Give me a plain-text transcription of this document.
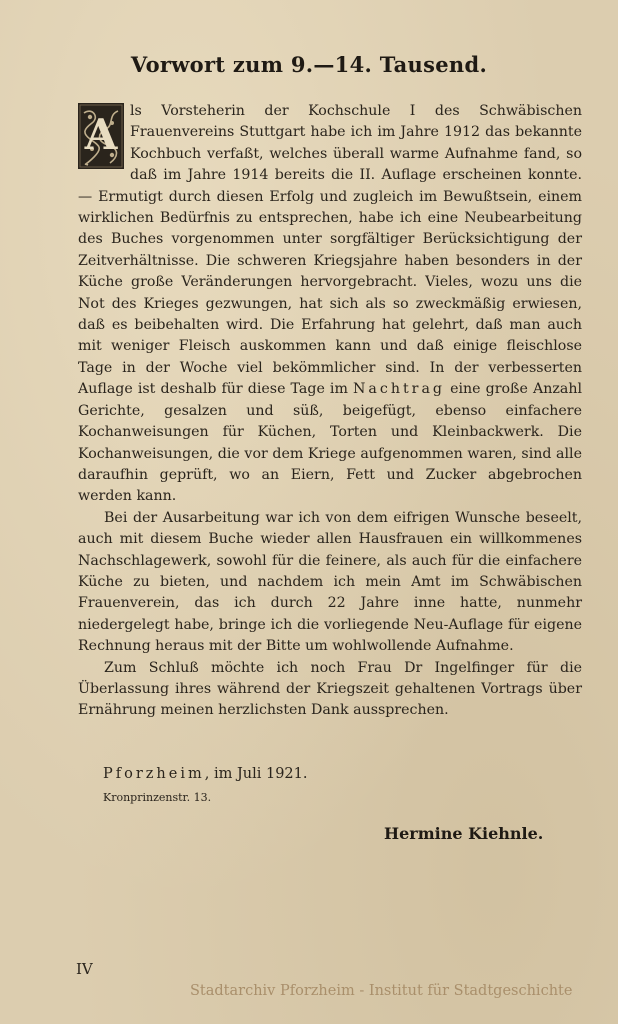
Vorwort zum 9.—14. Tausend.

A ls Vorsteherin der Kochschule I des Schwäbischen Frauenvereins Stuttgart habe ich im Jahre 1912 das bekannte Kochbuch verfaßt, welches überall warme Aufnahme fand, so daß im Jahre 1914 bereits die II. Auflage erscheinen konnte. — Ermutigt durch diesen Erfolg und zugleich im Bewußtsein, einem wirklichen Bedürfnis zu entsprechen, habe ich eine Neubearbeitung des Buches vorgenommen unter sorgfältiger Berücksichtigung der Zeitverhältnisse. Die schweren Kriegsjahre haben besonders in der Küche große Veränderungen hervorgebracht. Vieles, wozu uns die Not des Krieges gezwungen, hat sich als so zweckmäßig erwiesen, daß es beibehalten wird. Die Erfahrung hat gelehrt, daß man auch mit weniger Fleisch auskommen kann und daß einige fleischlose Tage in der Woche viel bekömmlicher sind. In der verbesserten Auflage ist deshalb für diese Tage im Nachtrag eine große Anzahl Gerichte, gesalzen und süß, beigefügt, ebenso einfachere Kochanweisungen für Küchen, Torten und Kleinbackwerk. Die Kochanweisungen, die vor dem Kriege aufgenommen waren, sind alle daraufhin geprüft, wo an Eiern, Fett und Zucker abgebrochen werden kann.

Bei der Ausarbeitung war ich von dem eifrigen Wunsche beseelt, auch mit diesem Buche wieder allen Hausfrauen ein willkommenes Nachschlagewerk, sowohl für die feinere, als auch für die einfachere Küche zu bieten, und nachdem ich mein Amt im Schwäbischen Frauenverein, das ich durch 22 Jahre inne hatte, nunmehr niedergelegt habe, bringe ich die vorliegende Neu-Auflage für eigene Rechnung heraus mit der Bitte um wohlwollende Aufnahme.

Zum Schluß möchte ich noch Frau Dr Ingelfinger für die Überlassung ihres während der Kriegszeit gehaltenen Vortrags über Ernährung meinen herzlichsten Dank aussprechen.

Pforzheim, im Juli 1921.
Kronprinzenstr. 13.
Hermine Kiehnle.
IV
Stadtarchiv Pforzheim - Institut für Stadtgeschichte
